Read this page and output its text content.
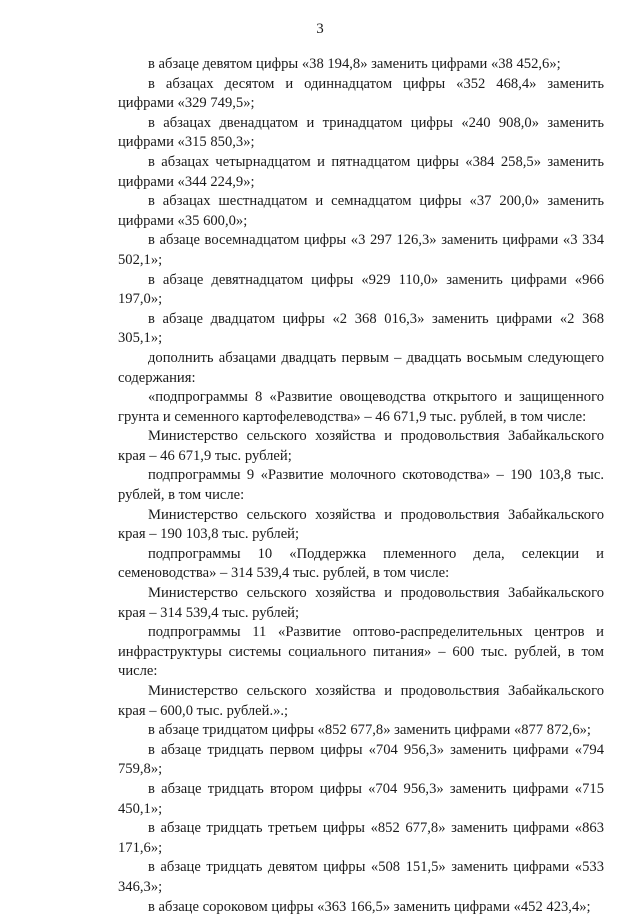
3

в абзаце девятом цифры «38 194,8» заменить цифрами «38 452,6»;

в абзацах десятом и одиннадцатом цифры «352 468,4» заменить цифрами «329 749,5»;

в абзацах двенадцатом и тринадцатом цифры «240 908,0» заменить цифрами «315 850,3»;

в абзацах четырнадцатом и пятнадцатом цифры «384 258,5» заменить цифрами «344 224,9»;

в абзацах шестнадцатом и семнадцатом цифры «37 200,0» заменить цифрами «35 600,0»;

в абзаце восемнадцатом цифры «3 297 126,3» заменить цифрами «3 334 502,1»;

в абзаце девятнадцатом цифры «929 110,0» заменить цифрами «966 197,0»;

в абзаце двадцатом цифры «2 368 016,3» заменить цифрами «2 368 305,1»;

дополнить абзацами двадцать первым – двадцать восьмым следующего содержания:

«подпрограммы 8 «Развитие овощеводства открытого и защищенного грунта и семенного картофелеводства» – 46 671,9 тыс. рублей, в том числе:

Министерство сельского хозяйства и продовольствия Забайкальского края – 46 671,9 тыс. рублей;

подпрограммы 9 «Развитие молочного скотоводства» – 190 103,8 тыс. рублей, в том числе:

Министерство сельского хозяйства и продовольствия Забайкальского края – 190 103,8 тыс. рублей;

подпрограммы 10 «Поддержка племенного дела, селекции и семеноводства» – 314 539,4 тыс. рублей, в том числе:

Министерство сельского хозяйства и продовольствия Забайкальского края – 314 539,4 тыс. рублей;

подпрограммы 11 «Развитие оптово-распределительных центров и инфраструктуры системы социального питания» – 600 тыс. рублей, в том числе:

Министерство сельского хозяйства и продовольствия Забайкальского края – 600,0 тыс. рублей.».;

в абзаце тридцатом цифры «852 677,8» заменить цифрами «877 872,6»;

в абзаце тридцать первом цифры «704 956,3» заменить цифрами «794 759,8»;

в абзаце тридцать втором цифры «704 956,3» заменить цифрами «715 450,1»;

в абзаце тридцать третьем цифры «852 677,8» заменить цифрами «863 171,6»;

в абзаце тридцать девятом цифры «508 151,5» заменить цифрами «533 346,3»;

в абзаце сороковом цифры «363 166,5» заменить цифрами «452 423,4»;
